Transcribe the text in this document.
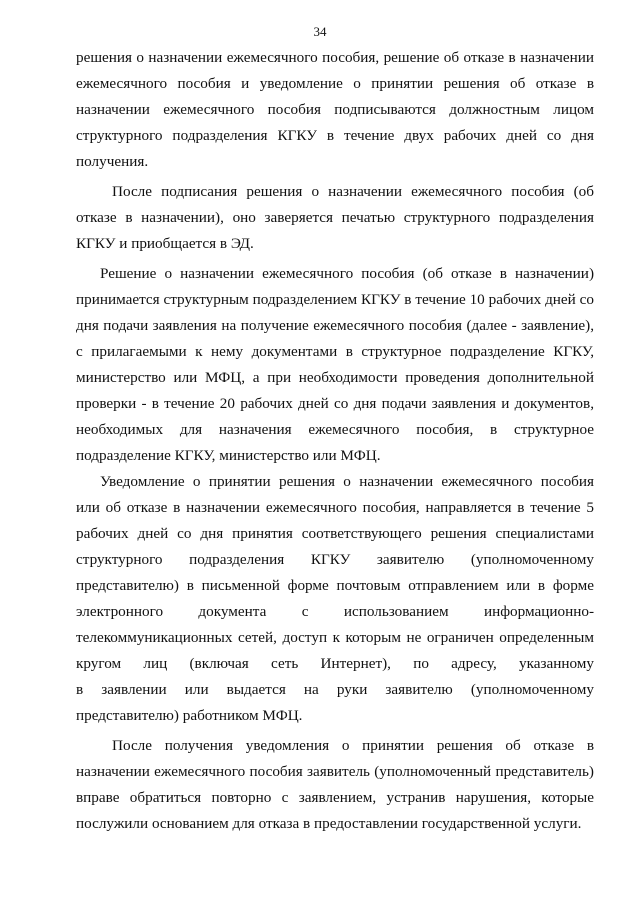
34
решения о назначении ежемесячного пособия, решение об отказе в назначении
ежемесячного пособия и уведомление о принятии решения об отказе в
назначении ежемесячного пособия подписываются должностным лицом
структурного подразделения КГКУ в течение двух рабочих дней со дня
получения.
После подписания решения о назначении ежемесячного пособия (об
отказе в назначении), оно заверяется печатью структурного подразделения
КГКУ и приобщается в ЭД.
Решение о назначении ежемесячного пособия (об отказе в назначении)
принимается структурным подразделением КГКУ в течение 10 рабочих дней со
дня подачи заявления на получение ежемесячного пособия (далее - заявление),
с прилагаемыми к нему документами в структурное подразделение КГКУ,
министерство или МФЦ, а при необходимости проведения дополнительной
проверки - в течение 20 рабочих дней со дня подачи заявления и документов,
необходимых для назначения ежемесячного пособия, в структурное
подразделение КГКУ, министерство или МФЦ.
Уведомление о принятии решения о назначении ежемесячного пособия
или об отказе в назначении ежемесячного пособия, направляется в течение 5
рабочих дней со дня принятия соответствующего решения специалистами
структурного подразделения КГКУ заявителю (уполномоченному
представителю) в письменной форме почтовым отправлением или в форме
электронного документа с использованием информационно-
телекоммуникационных сетей, доступ к которым не ограничен определенным
кругом лиц (включая сеть Интернет), по адресу, указанному
в заявлении или выдается на руки заявителю (уполномоченному
представителю) работником МФЦ.
После получения уведомления о принятии решения об отказе в
назначении ежемесячного пособия заявитель (уполномоченный представитель)
вправе обратиться повторно с заявлением, устранив нарушения, которые
послужили основанием для отказа в предоставлении государственной услуги.
